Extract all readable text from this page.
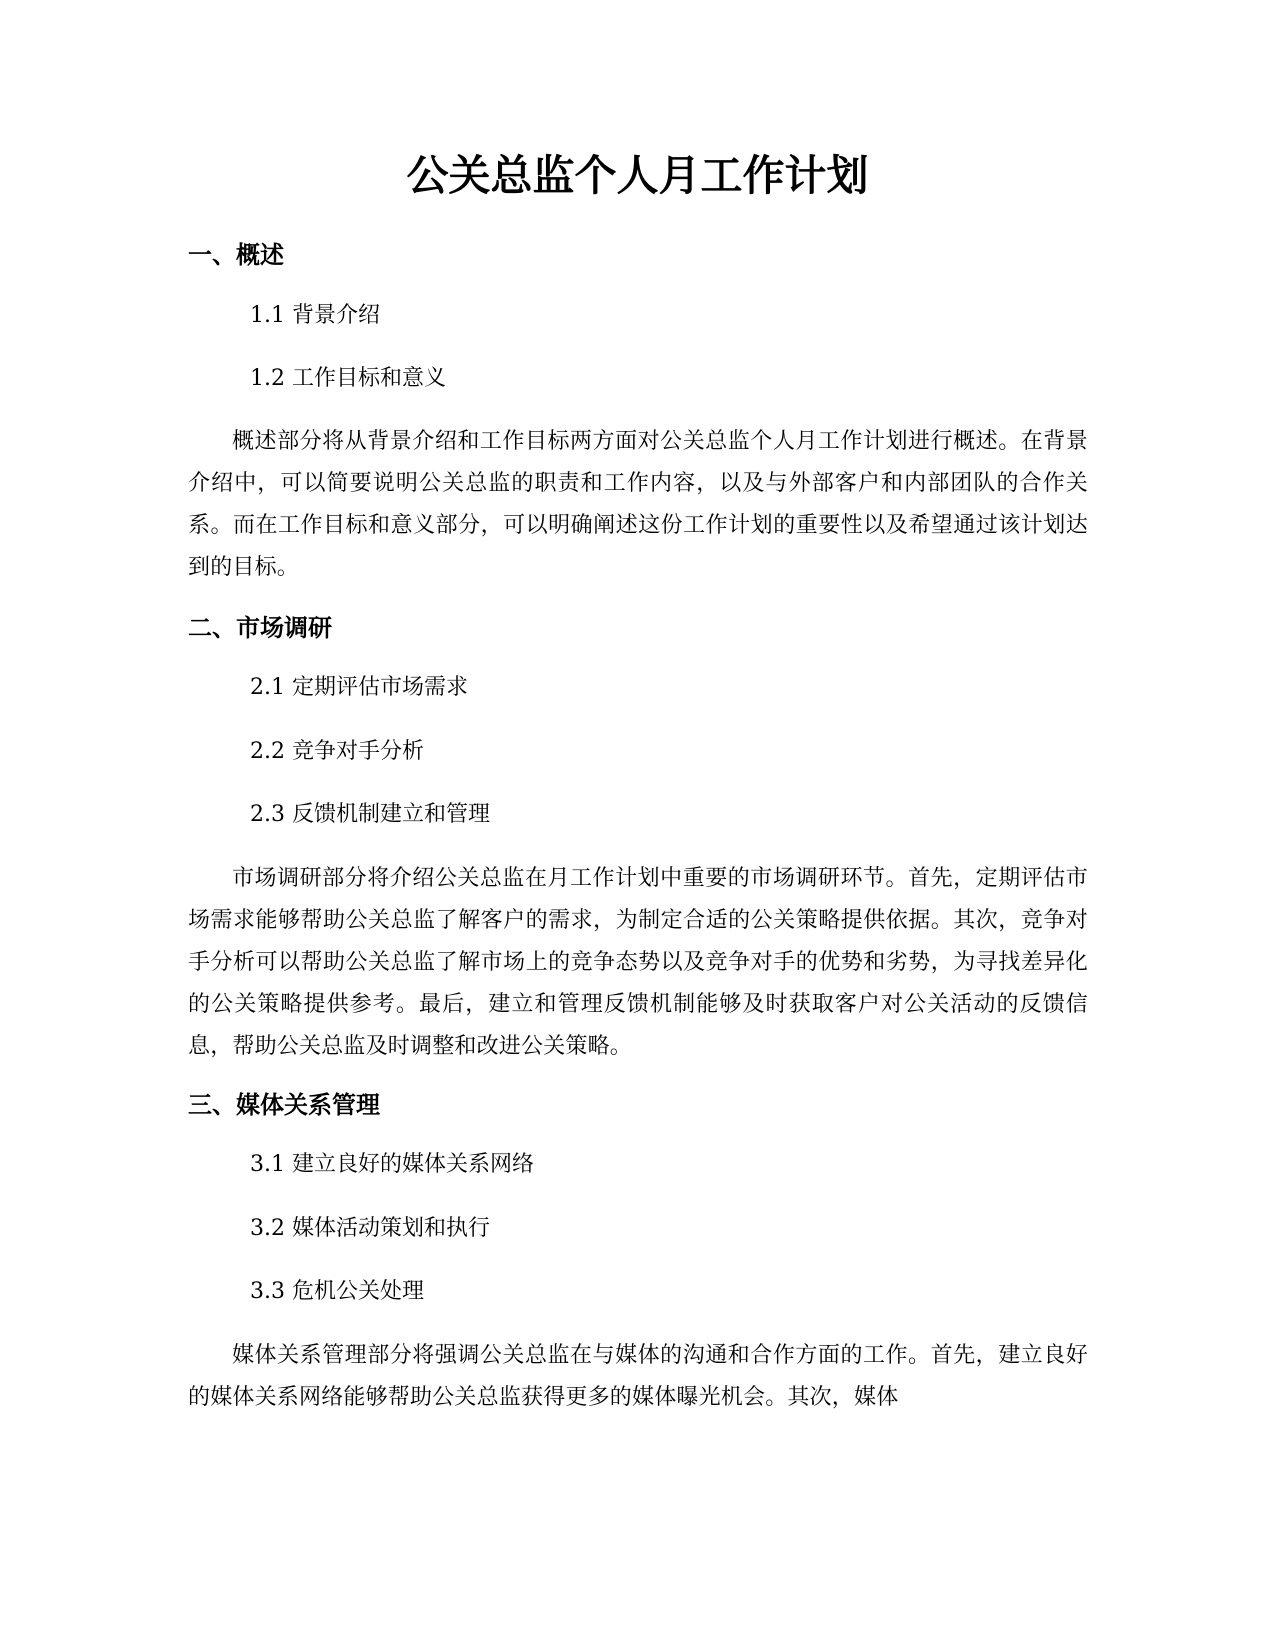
公关总监个人月工作计划
一、概述
1.1 背景介绍
1.2 工作目标和意义
概述部分将从背景介绍和工作目标两方面对公关总监个人月工作计划进行概述。在背景介绍中，可以简要说明公关总监的职责和工作内容，以及与外部客户和内部团队的合作关系。而在工作目标和意义部分，可以明确阐述这份工作计划的重要性以及希望通过该计划达到的目标。
二、市场调研
2.1 定期评估市场需求
2.2 竞争对手分析
2.3 反馈机制建立和管理
市场调研部分将介绍公关总监在月工作计划中重要的市场调研环节。首先，定期评估市场需求能够帮助公关总监了解客户的需求，为制定合适的公关策略提供依据。其次，竞争对手分析可以帮助公关总监了解市场上的竞争态势以及竞争对手的优势和劣势，为寻找差异化的公关策略提供参考。最后，建立和管理反馈机制能够及时获取客户对公关活动的反馈信息，帮助公关总监及时调整和改进公关策略。
三、媒体关系管理
3.1 建立良好的媒体关系网络
3.2 媒体活动策划和执行
3.3 危机公关处理
媒体关系管理部分将强调公关总监在与媒体的沟通和合作方面的工作。首先，建立良好的媒体关系网络能够帮助公关总监获得更多的媒体曝光机会。其次，媒体
